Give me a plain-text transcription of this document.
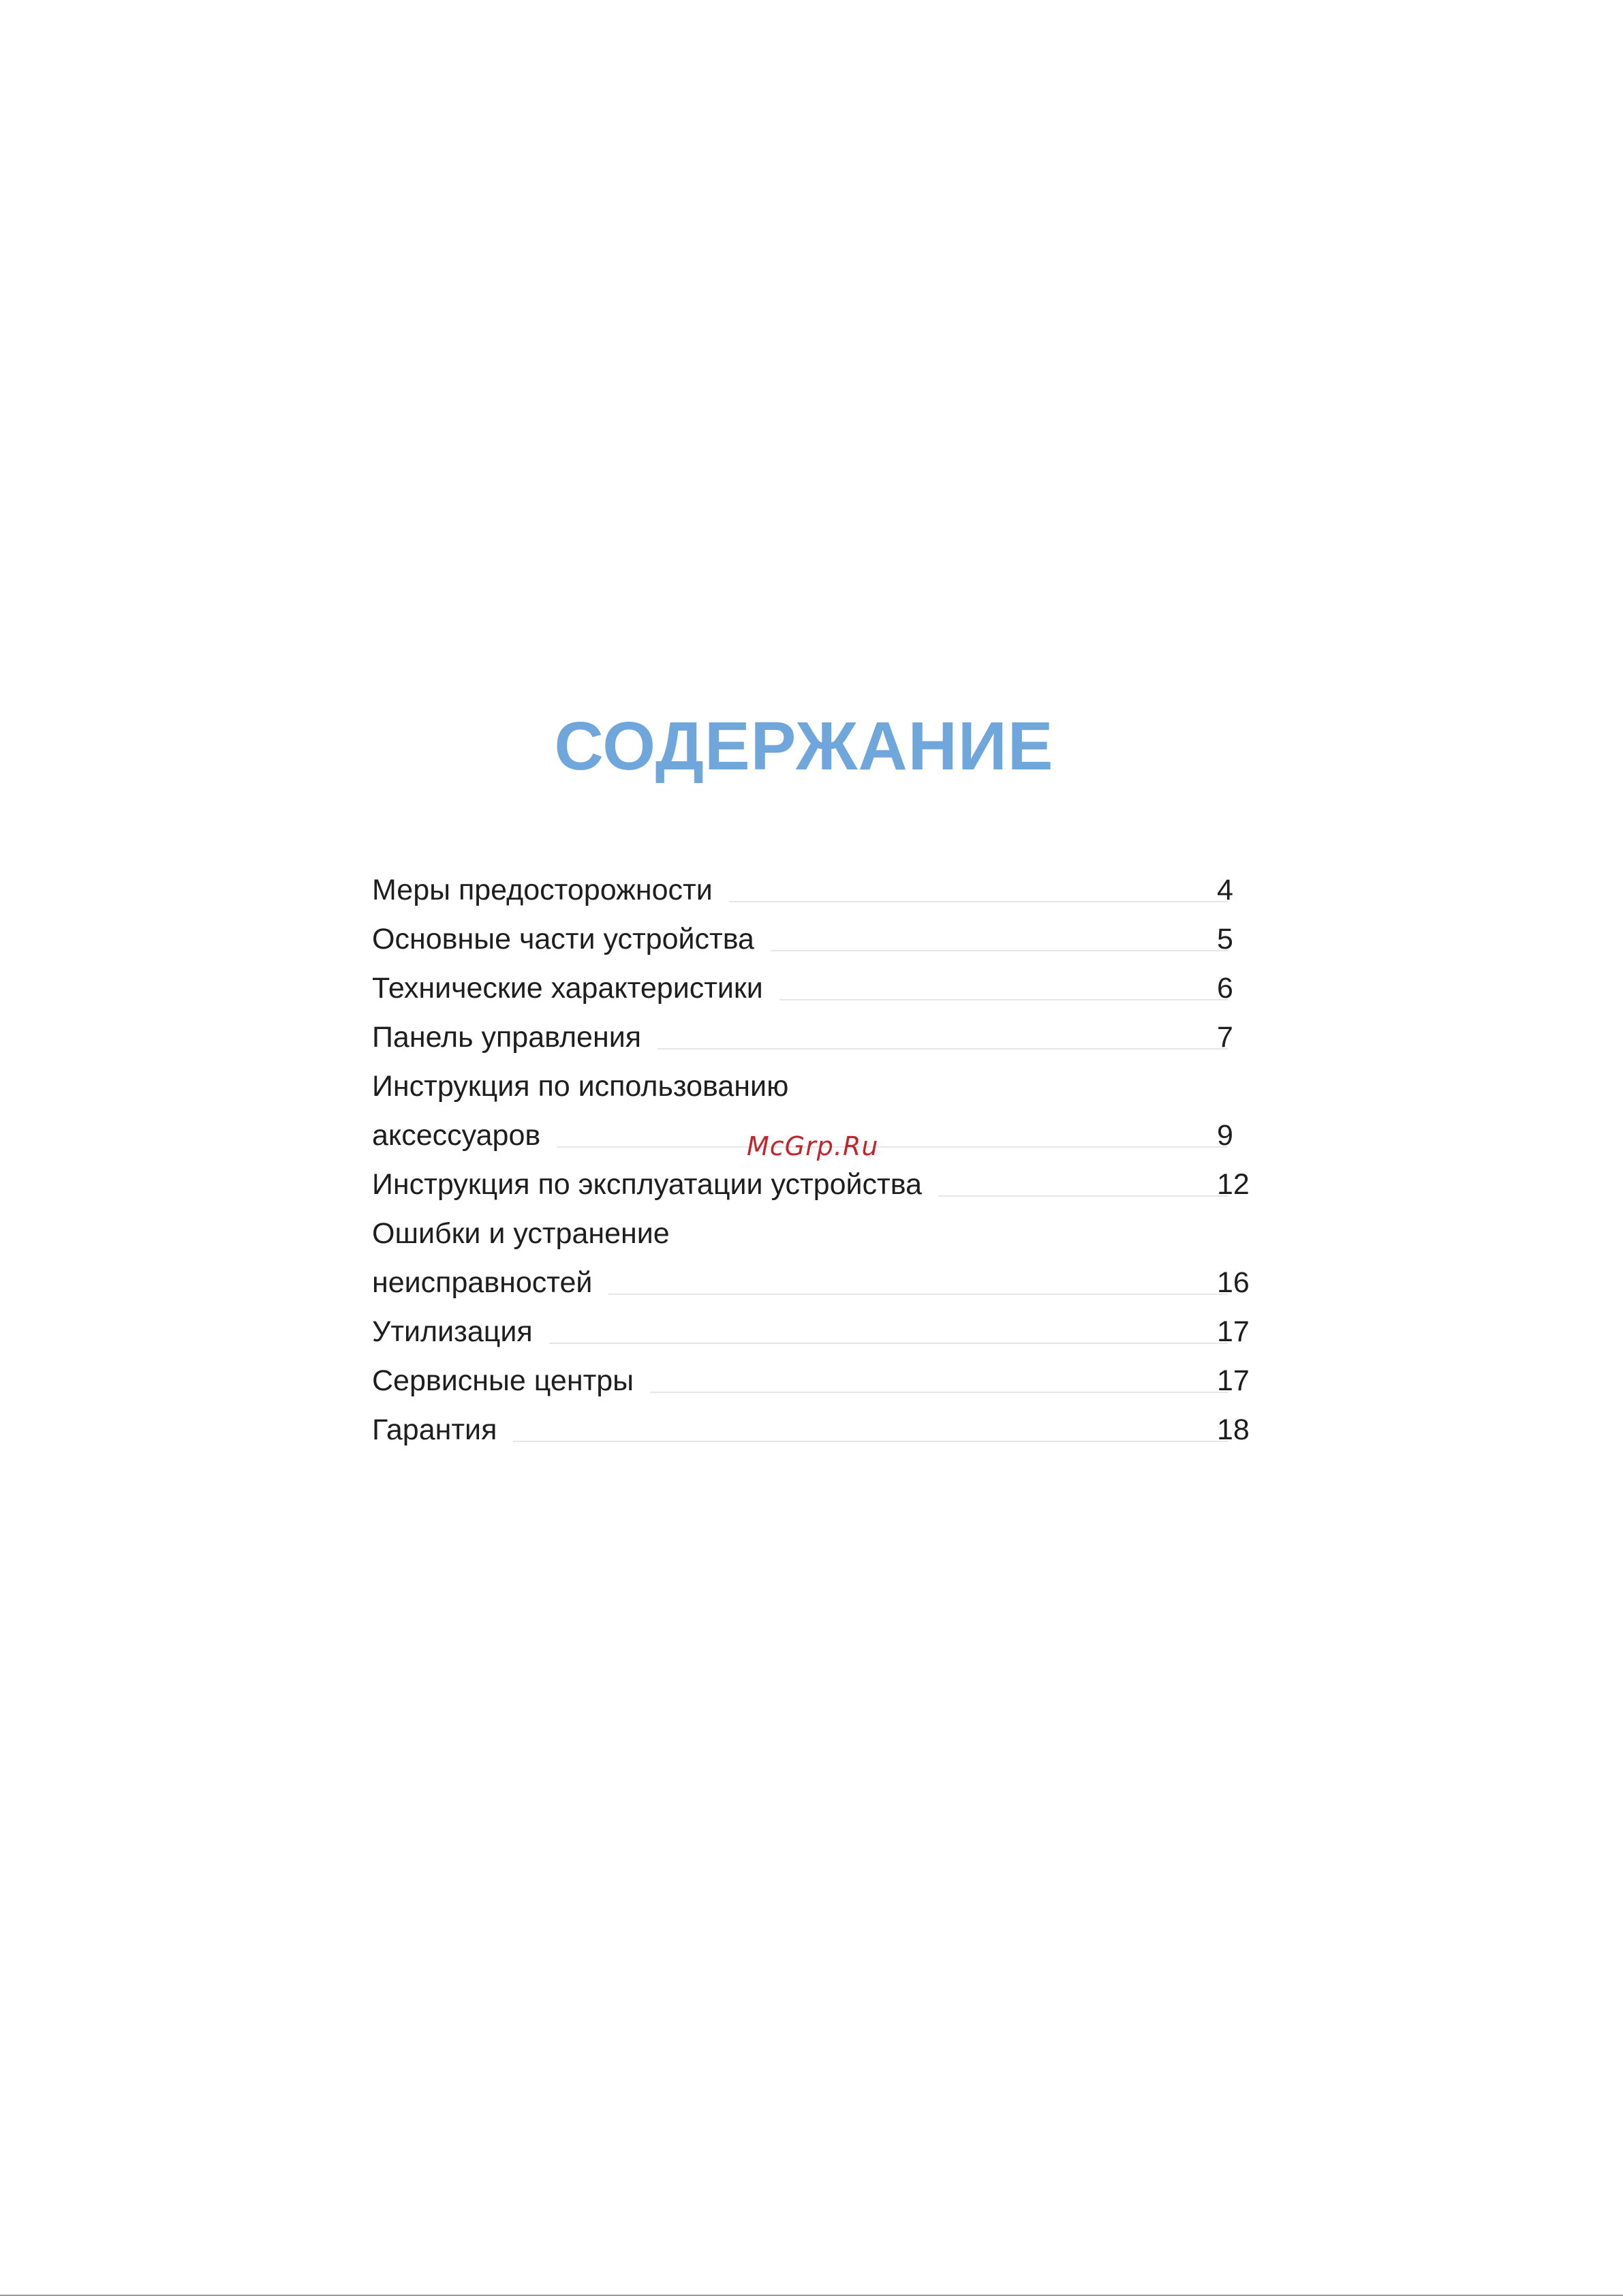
СОДЕРЖАНИЕ
Меры предосторожности	4
Основные части устройства	5
Технические характеристики	6
Панель управления	7
Инструкция по использованию
аксессуаров	9
Инструкция по эксплуатации устройства	12
Ошибки и устранение
неисправностей	16
Утилизация	17
Сервисные центры	17
Гарантия	18
McGrp.Ru
